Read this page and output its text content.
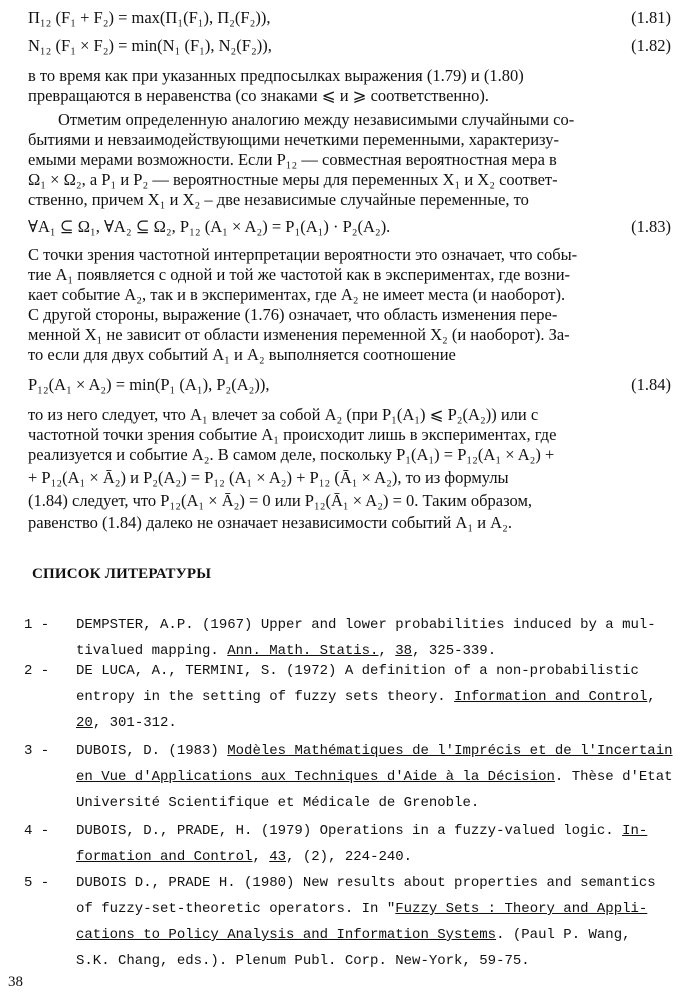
Π₁₂ (F₁ + F₂) = max(Π₁(F₁), Π₂(F₂)),	(1.81)
N₁₂ (F₁ × F₂) = min(N₁ (F₁), N₂(F₂)),	(1.82)
в то время как при указанных предпосылках выражения (1.79) и (1.80)
превращаются в неравенства (со знаками ⩽ и ⩾ соответственно).
Отметим определенную аналогию между независимыми случайными со-
бытиями и невзаимодействующими нечеткими переменными, характеризу-
емыми мерами возможности. Если P₁₂ — совместная вероятностная мера в
Ω₁ × Ω₂, а P₁ и P₂ — вероятностные меры для переменных X₁ и X₂ соответ-
ственно, причем X₁ и X₂ – две независимые случайные переменные, то
∀A₁ ⊆ Ω₁, ∀A₂ ⊆ Ω₂, P₁₂ (A₁ × A₂) = P₁(A₁) · P₂(A₂).	(1.83)
С точки зрения частотной интерпретации вероятности это означает, что собы-
тие A₁ появляется с одной и той же частотой как в экспериментах, где возни-
кает событие A₂, так и в экспериментах, где A₂ не имеет места (и наоборот).
С другой стороны, выражение (1.76) означает, что область изменения пере-
менной X₁ не зависит от области изменения переменной X₂ (и наоборот). За-
то если для двух событий A₁ и A₂ выполняется соотношение
P₁₂(A₁ × A₂) = min(P₁ (A₁), P₂(A₂)),	(1.84)
то из него следует, что A₁ влечет за собой A₂ (при P₁(A₁) ⩽ P₂(A₂)) или с
частотной точки зрения событие A₁ происходит лишь в экспериментах, где
реализуется и событие A₂. В самом деле, поскольку P₁(A₁) = P₁₂(A₁ × A₂) +
+ P₁₂(A₁ × Ā₂) и P₂(A₂) = P₁₂ (A₁ × A₂) + P₁₂ (Ā₁ × A₂), то из формулы
(1.84) следует, что P₁₂(A₁ × Ā₂) = 0 или P₁₂(Ā₁ × A₂) = 0. Таким образом,
равенство (1.84) далеко не означает независимости событий A₁ и A₂.
СПИСОК ЛИТЕРАТУРЫ
1 - DEMPSTER, A.P. (1967) Upper and lower probabilities induced by a mul-
tivalued mapping. Ann. Math. Statis., 38, 325-339.
2 - DE LUCA, A., TERMINI, S. (1972) A definition of a non-probabilistic
entropy in the setting of fuzzy sets theory. Information and Control,
20, 301-312.
3 - DUBOIS, D. (1983) Modèles Mathématiques de l'Imprécis et de l'Incertain
en Vue d'Applications aux Techniques d'Aide à la Décision. Thèse d'Etat
Université Scientifique et Médicale de Grenoble.
4 - DUBOIS, D., PRADE, H. (1979) Operations in a fuzzy-valued logic. In-
formation and Control, 43, (2), 224-240.
5 - DUBOIS D., PRADE H. (1980) New results about properties and semantics
of fuzzy-set-theoretic operators. In "Fuzzy Sets : Theory and Appli-
cations to Policy Analysis and Information Systems. (Paul P. Wang,
S.K. Chang, eds.). Plenum Publ. Corp. New-York, 59-75.
38
